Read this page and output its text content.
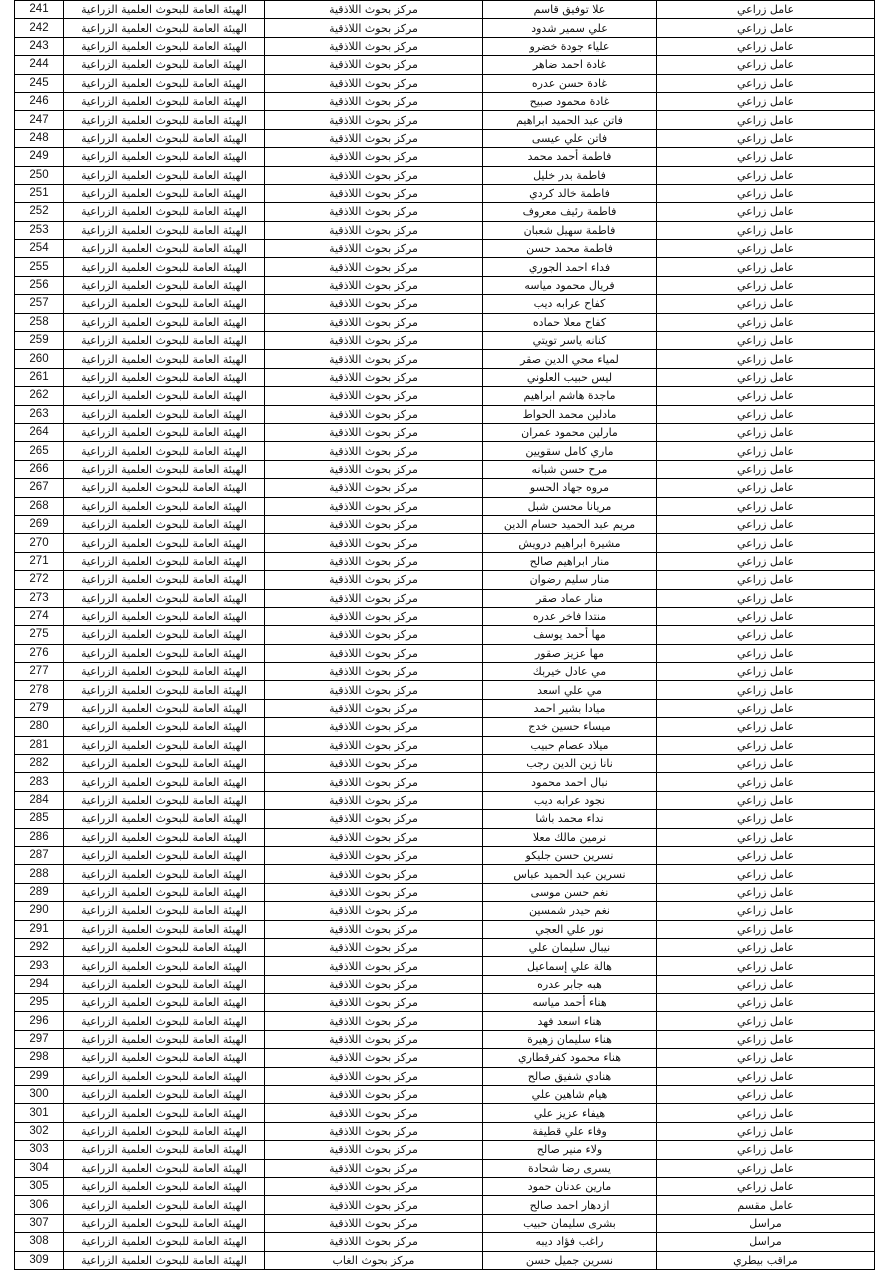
241	الهيئة العامة للبحوث العلمية الزراعية	مركز بحوث اللاذقية	علا توفيق قاسم	عامل زراعي
242	الهيئة العامة للبحوث العلمية الزراعية	مركز بحوث اللاذقية	علي سمير شدود	عامل زراعي
243	الهيئة العامة للبحوث العلمية الزراعية	مركز بحوث اللاذقية	علياء جودة خضرو	عامل زراعي
244	الهيئة العامة للبحوث العلمية الزراعية	مركز بحوث اللاذقية	غادة احمد ضاهر	عامل زراعي
245	الهيئة العامة للبحوث العلمية الزراعية	مركز بحوث اللاذقية	غادة حسن عدره	عامل زراعي
246	الهيئة العامة للبحوث العلمية الزراعية	مركز بحوث اللاذقية	غادة محمود صبيح	عامل زراعي
247	الهيئة العامة للبحوث العلمية الزراعية	مركز بحوث اللاذقية	فاتن عبد الحميد ابراهيم	عامل زراعي
248	الهيئة العامة للبحوث العلمية الزراعية	مركز بحوث اللاذقية	فاتن علي عيسى	عامل زراعي
249	الهيئة العامة للبحوث العلمية الزراعية	مركز بحوث اللاذقية	فاطمة أحمد محمد	عامل زراعي
250	الهيئة العامة للبحوث العلمية الزراعية	مركز بحوث اللاذقية	فاطمة بدر خليل	عامل زراعي
251	الهيئة العامة للبحوث العلمية الزراعية	مركز بحوث اللاذقية	فاطمة خالد كردي	عامل زراعي
252	الهيئة العامة للبحوث العلمية الزراعية	مركز بحوث اللاذقية	فاطمة رئيف معروف	عامل زراعي
253	الهيئة العامة للبحوث العلمية الزراعية	مركز بحوث اللاذقية	فاطمة سهيل شعبان	عامل زراعي
254	الهيئة العامة للبحوث العلمية الزراعية	مركز بحوث اللاذقية	فاطمة محمد حسن	عامل زراعي
255	الهيئة العامة للبحوث العلمية الزراعية	مركز بحوث اللاذقية	فداء احمد الجوري	عامل زراعي
256	الهيئة العامة للبحوث العلمية الزراعية	مركز بحوث اللاذقية	فريال محمود مياسه	عامل زراعي
257	الهيئة العامة للبحوث العلمية الزراعية	مركز بحوث اللاذقية	كفاح عرابه ديب	عامل زراعي
258	الهيئة العامة للبحوث العلمية الزراعية	مركز بحوث اللاذقية	كفاح معلا حماده	عامل زراعي
259	الهيئة العامة للبحوث العلمية الزراعية	مركز بحوث اللاذقية	كنانه ياسر تويتي	عامل زراعي
260	الهيئة العامة للبحوث العلمية الزراعية	مركز بحوث اللاذقية	لمياء محي الدين صقر	عامل زراعي
261	الهيئة العامة للبحوث العلمية الزراعية	مركز بحوث اللاذقية	ليس حبيب العلوني	عامل زراعي
262	الهيئة العامة للبحوث العلمية الزراعية	مركز بحوث اللاذقية	ماجدة هاشم ابراهيم	عامل زراعي
263	الهيئة العامة للبحوث العلمية الزراعية	مركز بحوث اللاذقية	مادلين محمد الحواط	عامل زراعي
264	الهيئة العامة للبحوث العلمية الزراعية	مركز بحوث اللاذقية	مارلين محمود عمران	عامل زراعي
265	الهيئة العامة للبحوث العلمية الزراعية	مركز بحوث اللاذقية	ماري كامل سقويين	عامل زراعي
266	الهيئة العامة للبحوث العلمية الزراعية	مركز بحوث اللاذقية	مرح حسن شبانه	عامل زراعي
267	الهيئة العامة للبحوث العلمية الزراعية	مركز بحوث اللاذقية	مروه جهاد الحسو	عامل زراعي
268	الهيئة العامة للبحوث العلمية الزراعية	مركز بحوث اللاذقية	مريانا محسن شبل	عامل زراعي
269	الهيئة العامة للبحوث العلمية الزراعية	مركز بحوث اللاذقية	مريم عبد الحميد حسام الدين	عامل زراعي
270	الهيئة العامة للبحوث العلمية الزراعية	مركز بحوث اللاذقية	مشيرة ابراهيم درويش	عامل زراعي
271	الهيئة العامة للبحوث العلمية الزراعية	مركز بحوث اللاذقية	منار ابراهيم صالح	عامل زراعي
272	الهيئة العامة للبحوث العلمية الزراعية	مركز بحوث اللاذقية	منار سليم رضوان	عامل زراعي
273	الهيئة العامة للبحوث العلمية الزراعية	مركز بحوث اللاذقية	منار عماد صقر	عامل زراعي
274	الهيئة العامة للبحوث العلمية الزراعية	مركز بحوث اللاذقية	منتدا فاخر عدره	عامل زراعي
275	الهيئة العامة للبحوث العلمية الزراعية	مركز بحوث اللاذقية	مها أحمد يوسف	عامل زراعي
276	الهيئة العامة للبحوث العلمية الزراعية	مركز بحوث اللاذقية	مها عزيز صقور	عامل زراعي
277	الهيئة العامة للبحوث العلمية الزراعية	مركز بحوث اللاذقية	مي عادل خيربك	عامل زراعي
278	الهيئة العامة للبحوث العلمية الزراعية	مركز بحوث اللاذقية	مي علي اسعد	عامل زراعي
279	الهيئة العامة للبحوث العلمية الزراعية	مركز بحوث اللاذقية	ميادا بشير احمد	عامل زراعي
280	الهيئة العامة للبحوث العلمية الزراعية	مركز بحوث اللاذقية	ميساء حسين خدج	عامل زراعي
281	الهيئة العامة للبحوث العلمية الزراعية	مركز بحوث اللاذقية	ميلاد عصام حبيب	عامل زراعي
282	الهيئة العامة للبحوث العلمية الزراعية	مركز بحوث اللاذقية	نانا زين الدين رجب	عامل زراعي
283	الهيئة العامة للبحوث العلمية الزراعية	مركز بحوث اللاذقية	نبال احمد محمود	عامل زراعي
284	الهيئة العامة للبحوث العلمية الزراعية	مركز بحوث اللاذقية	نجود عرابه ديب	عامل زراعي
285	الهيئة العامة للبحوث العلمية الزراعية	مركز بحوث اللاذقية	نداء محمد باشا	عامل زراعي
286	الهيئة العامة للبحوث العلمية الزراعية	مركز بحوث اللاذقية	نرمين مالك معلا	عامل زراعي
287	الهيئة العامة للبحوث العلمية الزراعية	مركز بحوث اللاذقية	نسرين حسن جليكو	عامل زراعي
288	الهيئة العامة للبحوث العلمية الزراعية	مركز بحوث اللاذقية	نسرين عبد الحميد عباس	عامل زراعي
289	الهيئة العامة للبحوث العلمية الزراعية	مركز بحوث اللاذقية	نغم حسن موسى	عامل زراعي
290	الهيئة العامة للبحوث العلمية الزراعية	مركز بحوث اللاذقية	نغم حيدر شمسين	عامل زراعي
291	الهيئة العامة للبحوث العلمية الزراعية	مركز بحوث اللاذقية	نور علي العجي	عامل زراعي
292	الهيئة العامة للبحوث العلمية الزراعية	مركز بحوث اللاذقية	نيبال سليمان علي	عامل زراعي
293	الهيئة العامة للبحوث العلمية الزراعية	مركز بحوث اللاذقية	هالة علي إسماعيل	عامل زراعي
294	الهيئة العامة للبحوث العلمية الزراعية	مركز بحوث اللاذقية	هبه جابر عدره	عامل زراعي
295	الهيئة العامة للبحوث العلمية الزراعية	مركز بحوث اللاذقية	هناء أحمد مياسه	عامل زراعي
296	الهيئة العامة للبحوث العلمية الزراعية	مركز بحوث اللاذقية	هناء اسعد فهد	عامل زراعي
297	الهيئة العامة للبحوث العلمية الزراعية	مركز بحوث اللاذقية	هناء سليمان زهيرة	عامل زراعي
298	الهيئة العامة للبحوث العلمية الزراعية	مركز بحوث اللاذقية	هناء محمود كفرقطاري	عامل زراعي
299	الهيئة العامة للبحوث العلمية الزراعية	مركز بحوث اللاذقية	هنادي شفيق صالح	عامل زراعي
300	الهيئة العامة للبحوث العلمية الزراعية	مركز بحوث اللاذقية	هيام شاهين علي	عامل زراعي
301	الهيئة العامة للبحوث العلمية الزراعية	مركز بحوث اللاذقية	هيفاء عزيز علي	عامل زراعي
302	الهيئة العامة للبحوث العلمية الزراعية	مركز بحوث اللاذقية	وفاء علي قطيفة	عامل زراعي
303	الهيئة العامة للبحوث العلمية الزراعية	مركز بحوث اللاذقية	ولاء منير صالح	عامل زراعي
304	الهيئة العامة للبحوث العلمية الزراعية	مركز بحوث اللاذقية	يسرى رضا شحادة	عامل زراعي
305	الهيئة العامة للبحوث العلمية الزراعية	مركز بحوث اللاذقية	مارين عدنان حمود	عامل زراعي
306	الهيئة العامة للبحوث العلمية الزراعية	مركز بحوث اللاذقية	ازدهار احمد صالح	عامل مقسم
307	الهيئة العامة للبحوث العلمية الزراعية	مركز بحوث اللاذقية	بشرى سليمان حبيب	مراسل
308	الهيئة العامة للبحوث العلمية الزراعية	مركز بحوث اللاذقية	راغب فؤاد ديبه	مراسل
309	الهيئة العامة للبحوث العلمية الزراعية	مركز بحوث الغاب	نسرين جميل حسن	مراقب بيطري
